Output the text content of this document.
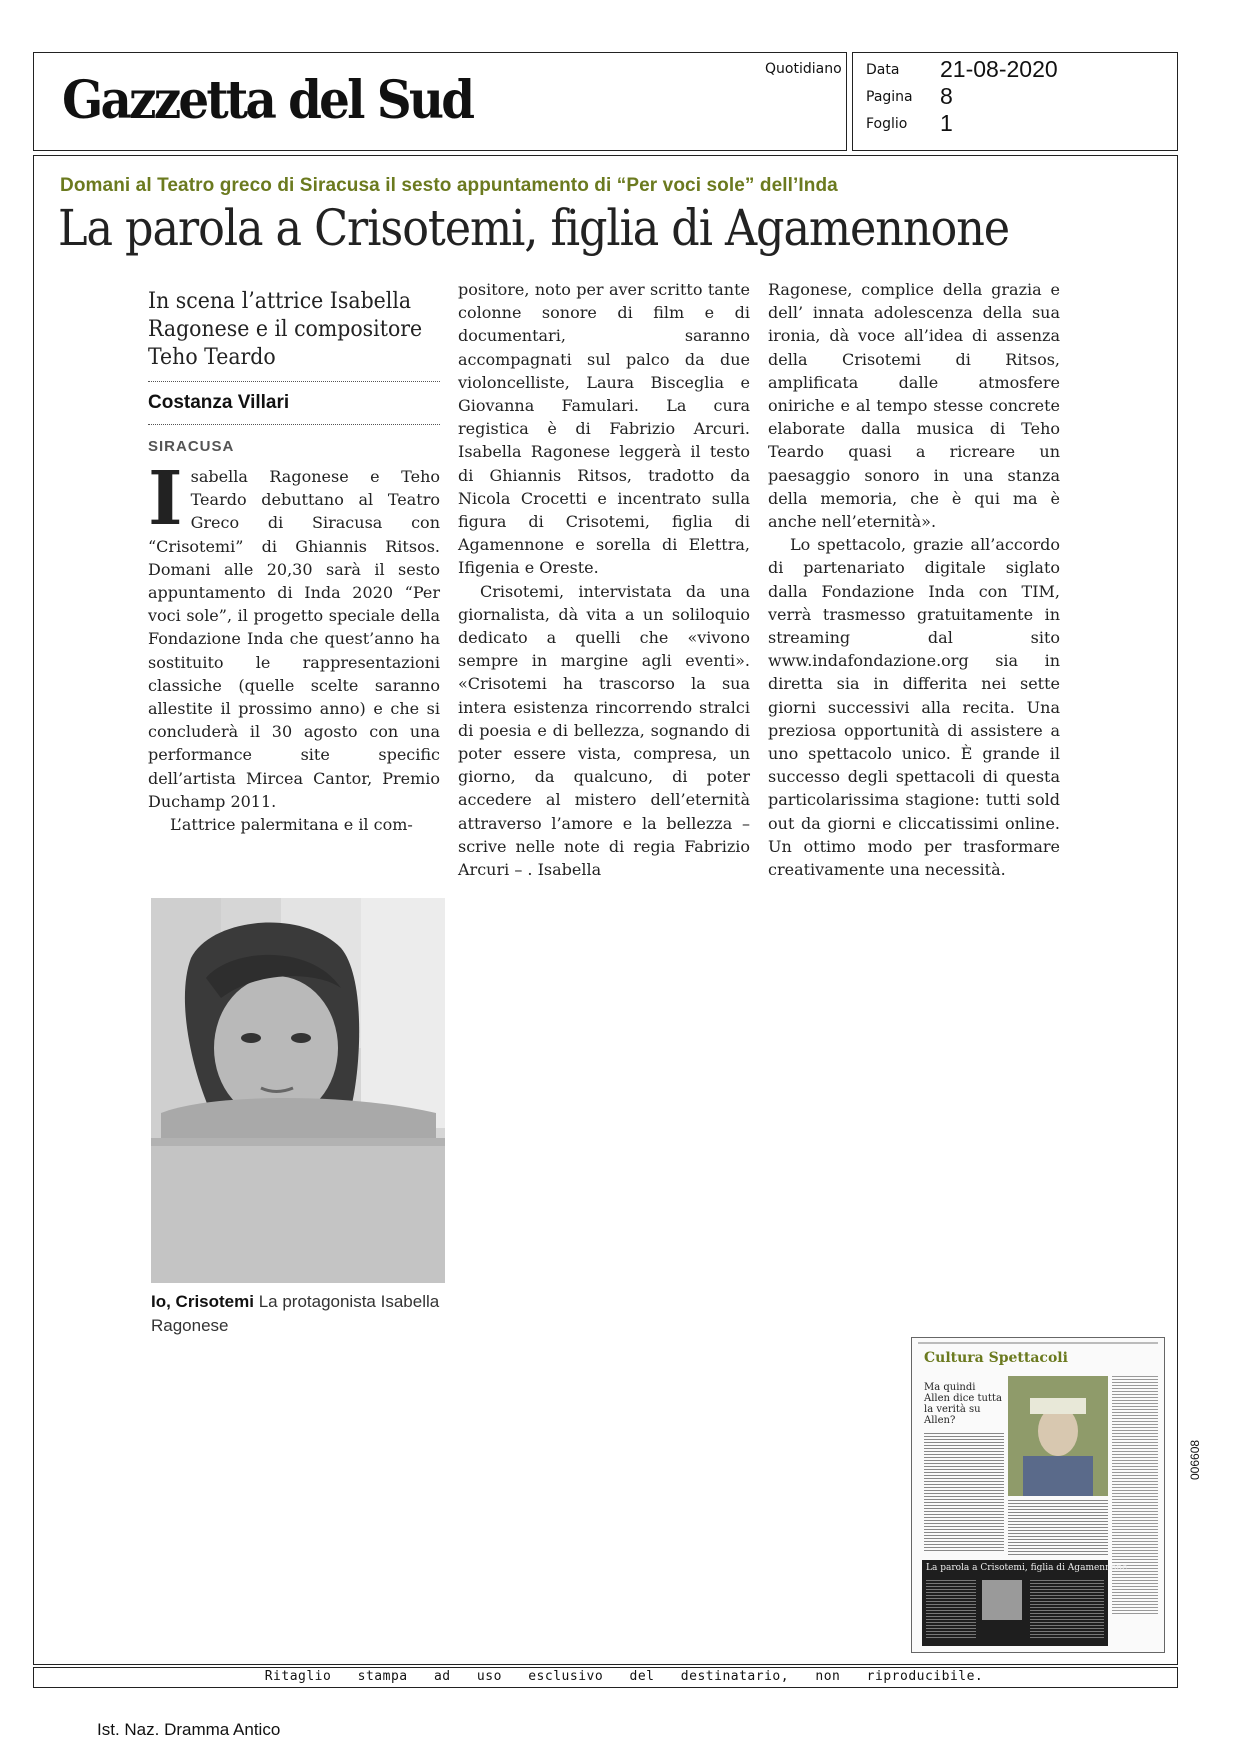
Gazzetta del Sud
Quotidiano Data 21-08-2020
Pagina 8
Foglio 1
Domani al Teatro greco di Siracusa il sesto appuntamento di “Per voci sole” dell’Inda
La parola a Crisotemi, figlia di Agamennone
In scena l’attrice Isabella Ragonese e il compositore Teho Teardo
Costanza Villari
SIRACUSA

Isabella Ragonese e Teho Teardo debuttano al Teatro Greco di Siracusa con “Crisotemi” di Ghiannis Ritsos. Domani alle 20,30 sarà il sesto appuntamento di Inda 2020 “Per voci sole”, il progetto speciale della Fondazione Inda che quest’anno ha sostituito le rappresentazioni classiche (quelle scelte saranno allestite il prossimo anno) e che si concluderà il 30 agosto con una performance site specific dell’artista Mircea Cantor, Premio Duchamp 2011.

L’attrice palermitana e il com-

positore, noto per aver scritto tante colonne sonore di film e di documentari, saranno accompagnati sul palco da due violoncelliste, Laura Bisceglia e Giovanna Famulari. La cura registica è di Fabrizio Arcuri. Isabella Ragonese leggerà il testo di Ghiannis Ritsos, tradotto da Nicola Crocetti e incentrato sulla figura di Crisotemi, figlia di Agamennone e sorella di Elettra, Ifigenia e Oreste.

Crisotemi, intervistata da una giornalista, dà vita a un soliloquio dedicato a quelli che «vivono sempre in margine agli eventi». «Crisotemi ha trascorso la sua intera esistenza rincorrendo stralci di poesia e di bellezza, sognando di poter essere vista, compresa, un giorno, da qualcuno, di poter accedere al mistero dell’eternità attraverso l’amore e la bellezza – scrive nelle note di regia Fabrizio Arcuri – . Isabella

Ragonese, complice della grazia e dell’ innata adolescenza della sua ironia, dà voce all’idea di assenza della Crisotemi di Ritsos, amplificata dalle atmosfere oniriche e al tempo stesse concrete elaborate dalla musica di Teho Teardo quasi a ricreare un paesaggio sonoro in una stanza della memoria, che è qui ma è anche nell’eternità».

Lo spettacolo, grazie all’accordo di partenariato digitale siglato dalla Fondazione Inda con TIM, verrà trasmesso gratuitamente in streaming dal sito www.indafondazione.org sia in diretta sia in differita nei sette giorni successivi alla recita. Una preziosa opportunità di assistere a uno spettacolo unico. È grande il successo degli spettacoli di questa particolarissima stagione: tutti sold out da giorni e cliccatissimi online. Un ottimo modo per trasformare creativamente una necessità.

Io, Crisotemi La protagonista Isabella Ragonese
Cultura Spettacoli
Ma quindi Allen dice tutta la verità su Allen?
La parola a Crisotemi, figlia di Agamennone
Ritaglio stampa ad uso esclusivo del destinatario, non riproducibile.
006608
Ist. Naz. Dramma Antico
